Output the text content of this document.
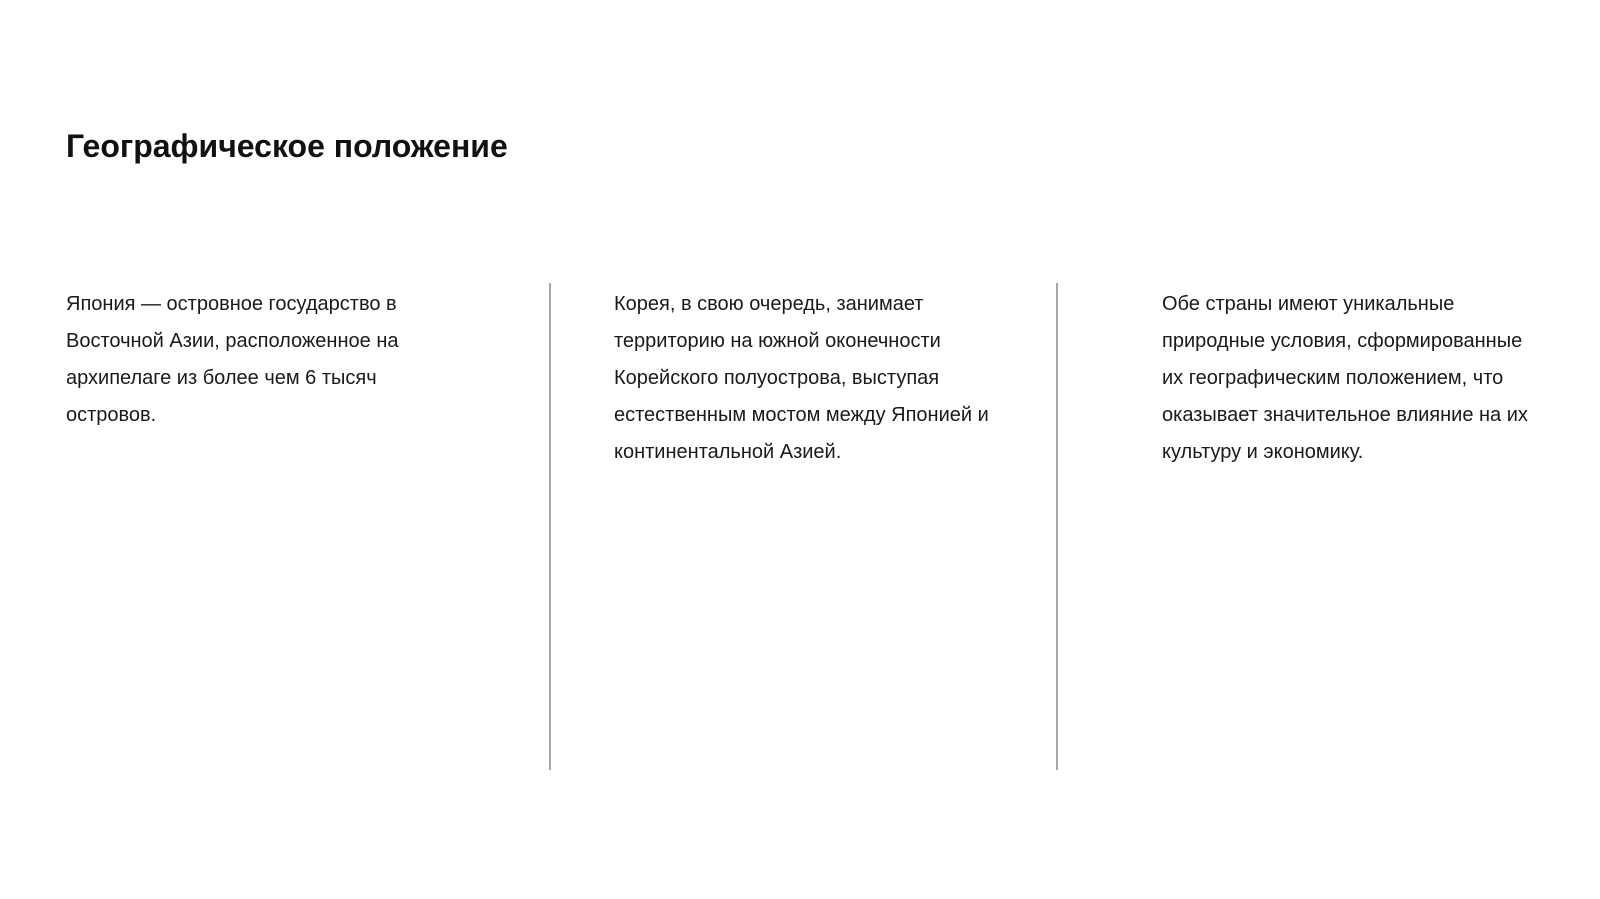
Географическое положение

Япония — островное государство в
Восточной Азии, расположенное на
архипелаге из более чем 6 тысяч
островов.

Корея, в свою очередь, занимает
территорию на южной оконечности
Корейского полуострова, выступая
естественным мостом между Японией и
континентальной Азией.

Обе страны имеют уникальные
природные условия, сформированные
их географическим положением, что
оказывает значительное влияние на их
культуру и экономику.
